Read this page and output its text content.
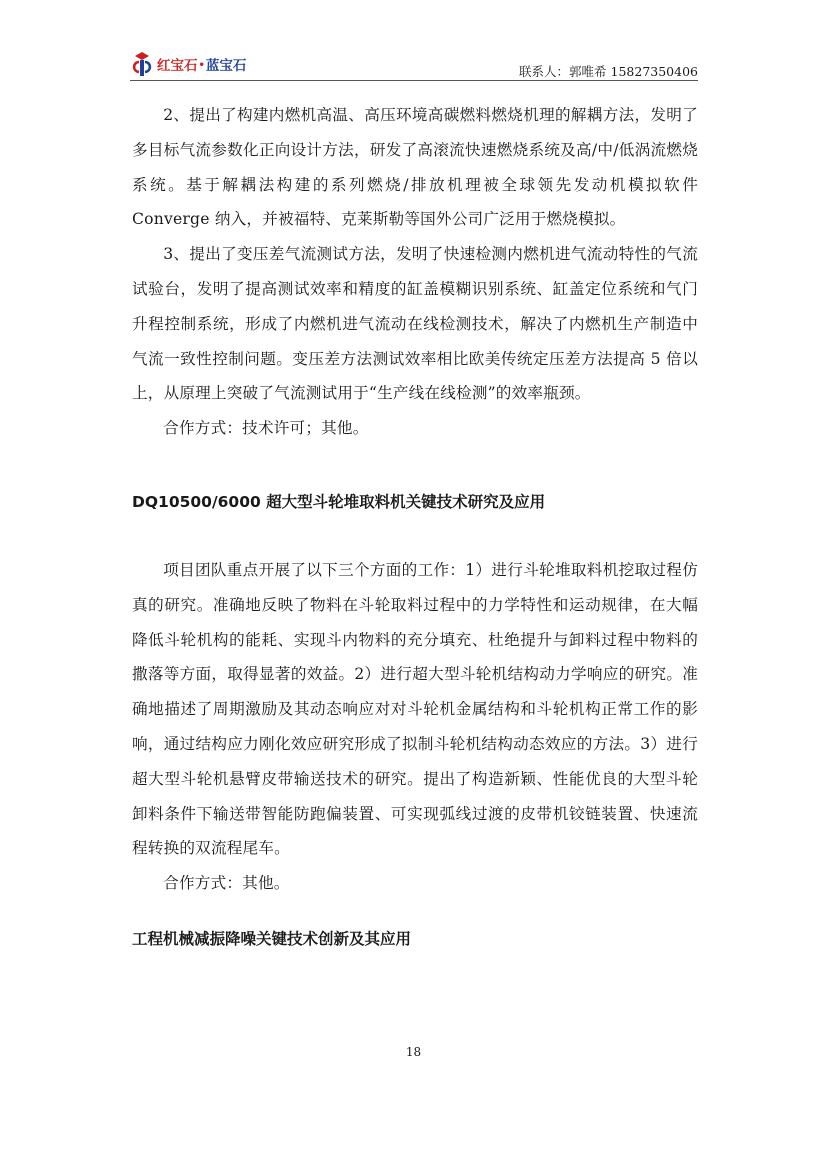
红宝石•蓝宝石	联系人：郭唯希 15827350406

2、提出了构建内燃机高温、高压环境高碳燃料燃烧机理的解耦方法，发明了多目标气流参数化正向设计方法，研发了高滚流快速燃烧系统及高/中/低涡流燃烧系统。基于解耦法构建的系列燃烧/排放机理被全球领先发动机模拟软件Converge 纳入，并被福特、克莱斯勒等国外公司广泛用于燃烧模拟。

3、提出了变压差气流测试方法，发明了快速检测内燃机进气流动特性的气流试验台，发明了提高测试效率和精度的缸盖模糊识别系统、缸盖定位系统和气门升程控制系统，形成了内燃机进气流动在线检测技术，解决了内燃机生产制造中气流一致性控制问题。变压差方法测试效率相比欧美传统定压差方法提高 5 倍以上，从原理上突破了气流测试用于“生产线在线检测”的效率瓶颈。

合作方式：技术许可；其他。

DQ10500/6000 超大型斗轮堆取料机关键技术研究及应用

项目团队重点开展了以下三个方面的工作：1）进行斗轮堆取料机挖取过程仿真的研究。准确地反映了物料在斗轮取料过程中的力学特性和运动规律，在大幅降低斗轮机构的能耗、实现斗内物料的充分填充、杜绝提升与卸料过程中物料的撒落等方面，取得显著的效益。2）进行超大型斗轮机结构动力学响应的研究。准确地描述了周期激励及其动态响应对对斗轮机金属结构和斗轮机构正常工作的影响，通过结构应力刚化效应研究形成了拟制斗轮机结构动态效应的方法。3）进行超大型斗轮机悬臂皮带输送技术的研究。提出了构造新颖、性能优良的大型斗轮卸料条件下输送带智能防跑偏装置、可实现弧线过渡的皮带机铰链装置、快速流程转换的双流程尾车。

合作方式：其他。

工程机械减振降噪关键技术创新及其应用
18
